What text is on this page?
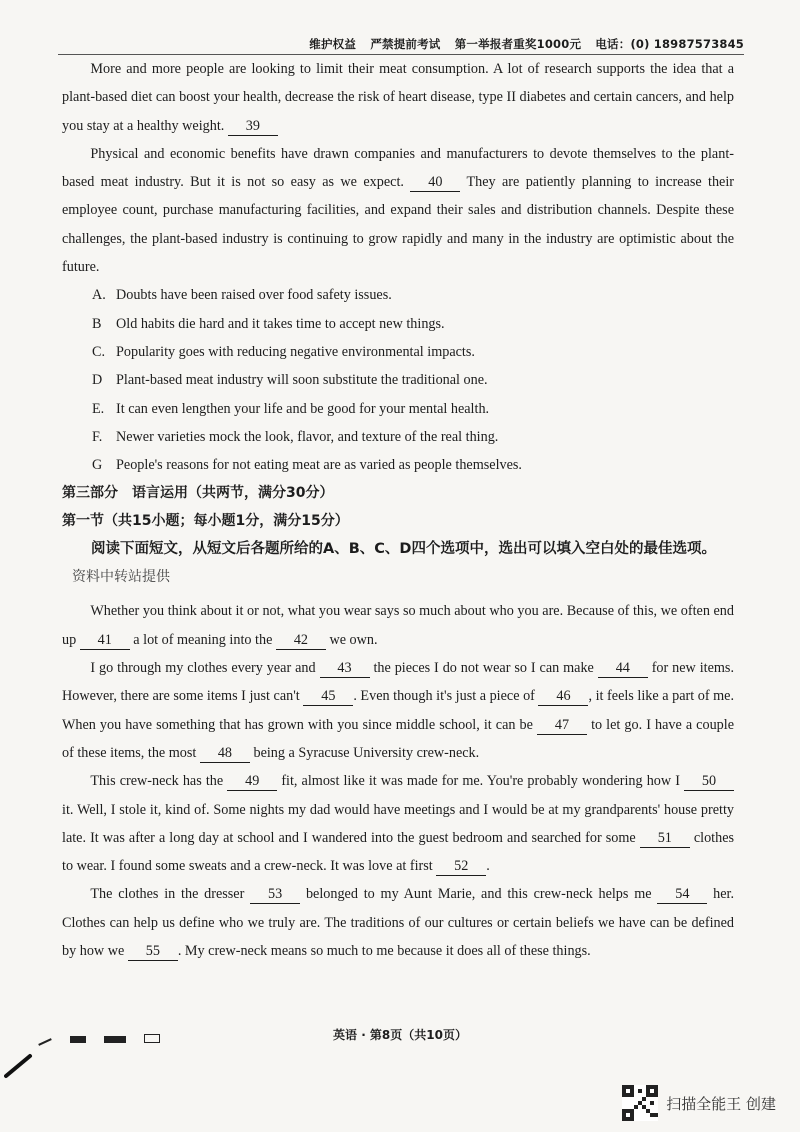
维护权益 严禁提前考试 第一举报者重奖1000元 电话：(0) 18987573845

More and more people are looking to limit their meat consumption. A lot of research supports the idea that a plant-based diet can boost your health, decrease the risk of heart disease, type II diabetes and certain cancers, and help you stay at a healthy weight. 39

Physical and economic benefits have drawn companies and manufacturers to devote themselves to the plant-based meat industry. But it is not so easy as we expect. 40 They are patiently planning to increase their employee count, purchase manufacturing facilities, and expand their sales and distribution channels. Despite these challenges, the plant-based industry is continuing to grow rapidly and many in the industry are optimistic about the future.

A. Doubts have been raised over food safety issues.

B Old habits die hard and it takes time to accept new things.

C. Popularity goes with reducing negative environmental impacts.

D Plant-based meat industry will soon substitute the traditional one.

E. It can even lengthen your life and be good for your mental health.

F. Newer varieties mock the look, flavor, and texture of the real thing.

G People's reasons for not eating meat are as varied as people themselves.

第三部分　语言运用（共两节，满分30分）

第一节（共15小题；每小题1分，满分15分）

阅读下面短文，从短文后各题所给的A、B、C、D四个选项中，选出可以填入空白处的最佳选项。资料中转站提供

Whether you think about it or not, what you wear says so much about who you are. Because of this, we often end up 41 a lot of meaning into the 42 we own.

I go through my clothes every year and 43 the pieces I do not wear so I can make 44 for new items. However, there are some items I just can't 45 . Even though it's just a piece of 46 , it feels like a part of me. When you have something that has grown with you since middle school, it can be 47 to let go. I have a couple of these items, the most 48 being a Syracuse University crew-neck.

This crew-neck has the 49 fit, almost like it was made for me. You're probably wondering how I 50 it. Well, I stole it, kind of. Some nights my dad would have meetings and I would be at my grandparents' house pretty late. It was after a long day at school and I wandered into the guest bedroom and searched for some 51 clothes to wear. I found some sweats and a crew-neck. It was love at first 52 .

The clothes in the dresser 53 belonged to my Aunt Marie, and this crew-neck helps me 54 her. Clothes can help us define who we truly are. The traditions of our cultures or certain beliefs we have can be defined by how we 55 . My crew-neck means so much to me because it does all of these things.

英语 · 第8页（共10页）
扫描全能王 创建
